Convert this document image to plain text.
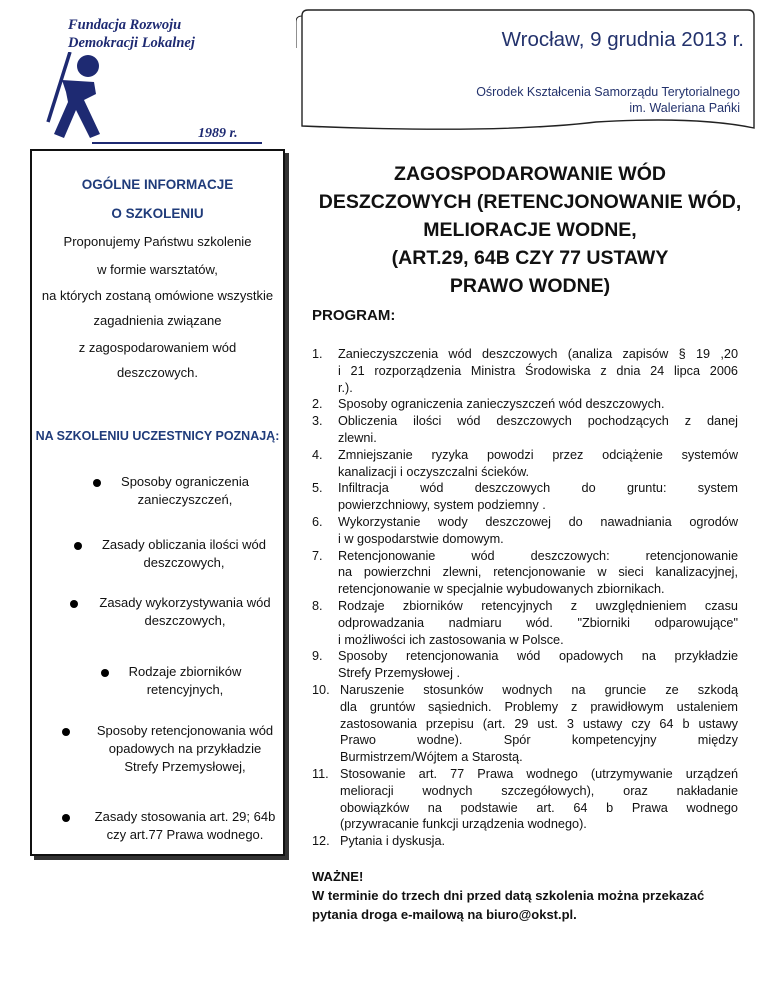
Fundacja Rozwoju
Demokracji Lokalnej
1989 r.
Wrocław, 9 grudnia 2013 r.
Ośrodek Kształcenia Samorządu Terytorialnego
im. Waleriana Pańki
OGÓLNE INFORMACJE
O SZKOLENIU
Proponujemy Państwu szkolenie
w formie warsztatów,
na których zostaną omówione wszystkie
zagadnienia związane
z zagospodarowaniem wód
deszczowych.
NA SZKOLENIU UCZESTNICY POZNAJĄ:
Sposoby ograniczenia
zanieczyszczeń,
Zasady obliczania ilości wód
deszczowych,
Zasady wykorzystywania wód
deszczowych,
Rodzaje zbiorników
retencyjnych,
Sposoby retencjonowania wód
opadowych na przykładzie
Strefy Przemysłowej,
Zasady stosowania art. 29; 64b
czy art.77 Prawa wodnego.
ZAGOSPODAROWANIE WÓD
DESZCZOWYCH (RETENCJONOWANIE WÓD,
MELIORACJE WODNE,
(ART.29, 64B CZY 77 USTAWY
PRAWO WODNE)
PROGRAM:
1.	Zanieczyszczenia wód deszczowych (analiza zapisów § 19 ,20
i 21 rozporządzenia Ministra Środowiska z dnia 24 lipca 2006
r.).
2.	Sposoby ograniczenia zanieczyszczeń wód deszczowych.
3.	Obliczenia ilości wód deszczowych pochodzących z danej
zlewni.
4.	Zmniejszanie ryzyka powodzi przez odciążenie systemów
kanalizacji i oczyszczalni ścieków.
5.	Infiltracja wód deszczowych do gruntu: system
powierzchniowy, system podziemny .
6.	Wykorzystanie wody deszczowej do nawadniania ogrodów
i w gospodarstwie domowym.
7.	Retencjonowanie wód deszczowych: retencjonowanie
na powierzchni zlewni, retencjonowanie w sieci kanalizacyjnej,
retencjonowanie w specjalnie wybudowanych zbiornikach.
8.	Rodzaje zbiorników retencyjnych z uwzględnieniem czasu
odprowadzania nadmiaru wód. "Zbiorniki odparowujące"
i możliwości ich zastosowania w Polsce.
9.	Sposoby retencjonowania wód opadowych na przykładzie
Strefy Przemysłowej .
10. Naruszenie stosunków wodnych na gruncie ze szkodą
dla gruntów sąsiednich. Problemy z prawidłowym ustaleniem
zastosowania przepisu (art. 29 ust. 3 ustawy czy 64 b ustawy
Prawo wodne). Spór kompetencyjny między
Burmistrzem/Wójtem a Starostą.
11. Stosowanie art. 77 Prawa wodnego (utrzymywanie urządzeń
melioracji wodnych szczegółowych), oraz nakładanie
obowiązków na podstawie art. 64 b Prawa wodnego
(przywracanie funkcji urządzenia wodnego).
12. Pytania i dyskusja.
WAŻNE!
W terminie do trzech dni przed datą szkolenia można przekazać
pytania droga e-mailową na biuro@okst.pl.
